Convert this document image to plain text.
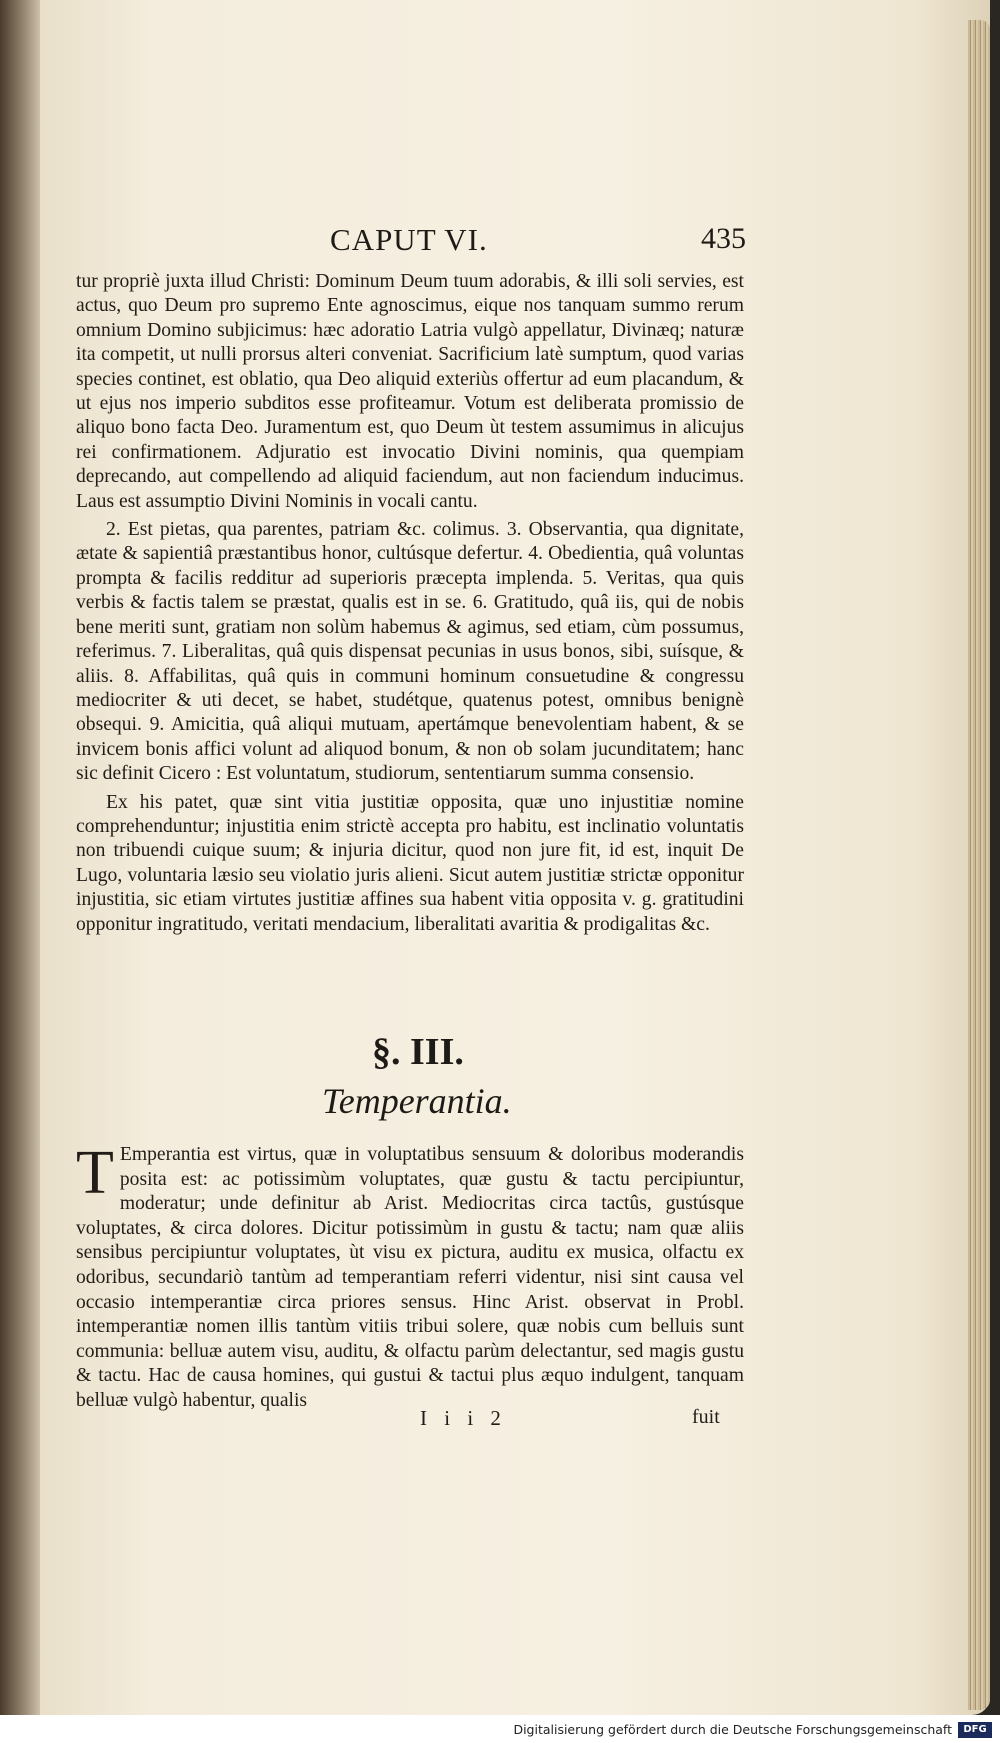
CAPUT VI.	435

tur propriè juxta illud Christi: Dominum Deum tuum adorabis, & illi soli servies, est actus, quo Deum pro supremo Ente agnoscimus, eique nos tanquam summo rerum omnium Domino subjicimus: hæc adoratio Latria vulgò appellatur, Divinæq; naturæ ita competit, ut nulli prorsus alteri conveniat. Sacrificium latè sumptum, quod varias species continet, est oblatio, qua Deo aliquid exteriùs offertur ad eum placandum, & ut ejus nos imperio subditos esse profiteamur. Votum est deliberata promissio de aliquo bono facta Deo. Juramentum est, quo Deum ùt testem assumimus in alicujus rei confirmationem. Adjuratio est invocatio Divini nominis, qua quempiam deprecando, aut compellendo ad aliquid faciendum, aut non faciendum inducimus. Laus est assumptio Divini Nominis in vocali cantu.

2. Est pietas, qua parentes, patriam &c. colimus. 3. Observantia, qua dignitate, ætate & sapientiâ præstantibus honor, cultúsque defertur. 4. Obedientia, quâ voluntas prompta & facilis redditur ad superioris præcepta implenda. 5. Veritas, qua quis verbis & factis talem se præstat, qualis est in se. 6. Gratitudo, quâ iis, qui de nobis bene meriti sunt, gratiam non solùm habemus & agimus, sed etiam, cùm possumus, referimus. 7. Liberalitas, quâ quis dispensat pecunias in usus bonos, sibi, suísque, & aliis. 8. Affabilitas, quâ quis in communi hominum consuetudine & congressu mediocriter & uti decet, se habet, studétque, quatenus potest, omnibus benignè obsequi. 9. Amicitia, quâ aliqui mutuam, apertámque benevolentiam habent, & se invicem bonis affici volunt ad aliquod bonum, & non ob solam jucunditatem; hanc sic definit Cicero : Est voluntatum, studiorum, sententiarum summa consensio.

Ex his patet, quæ sint vitia justitiæ opposita, quæ uno injustitiæ nomine comprehenduntur; injustitia enim strictè accepta pro habitu, est inclinatio voluntatis non tribuendi cuique suum; & injuria dicitur, quod non jure fit, id est, inquit De Lugo, voluntaria læsio seu violatio juris alieni. Sicut autem justitiæ strictæ opponitur injustitia, sic etiam virtutes justitiæ affines sua habent vitia opposita v. g. gratitudini opponitur ingratitudo, veritati mendacium, liberalitati avaritia & prodigalitas &c.

§. III.
Temperantia.
T Emperantia est virtus, quæ in voluptatibus sensuum & doloribus moderandis posita est: ac potissimùm voluptates, quæ gustu & tactu percipiuntur, moderatur; unde definitur ab Arist. Mediocritas circa tactûs, gustúsque voluptates, & circa dolores. Dicitur potissimùm in gustu & tactu; nam quæ aliis sensibus percipiuntur voluptates, ùt visu ex pictura, auditu ex musica, olfactu ex odoribus, secundariò tantùm ad temperantiam referri videntur, nisi sint causa vel occasio intemperantiæ circa priores sensus. Hinc Arist. observat in Probl. intemperantiæ nomen illis tantùm vitiis tribui solere, quæ nobis cum belluis sunt communia: belluæ autem visu, auditu, & olfactu parùm delectantur, sed magis gustu & tactu. Hac de causa homines, qui gustui & tactui plus æquo indulgent, tanquam belluæ vulgò habentur, qualis
I i i 2	fuit
Digitalisierung gefördert durch die Deutsche Forschungsgemeinschaft	DFG
